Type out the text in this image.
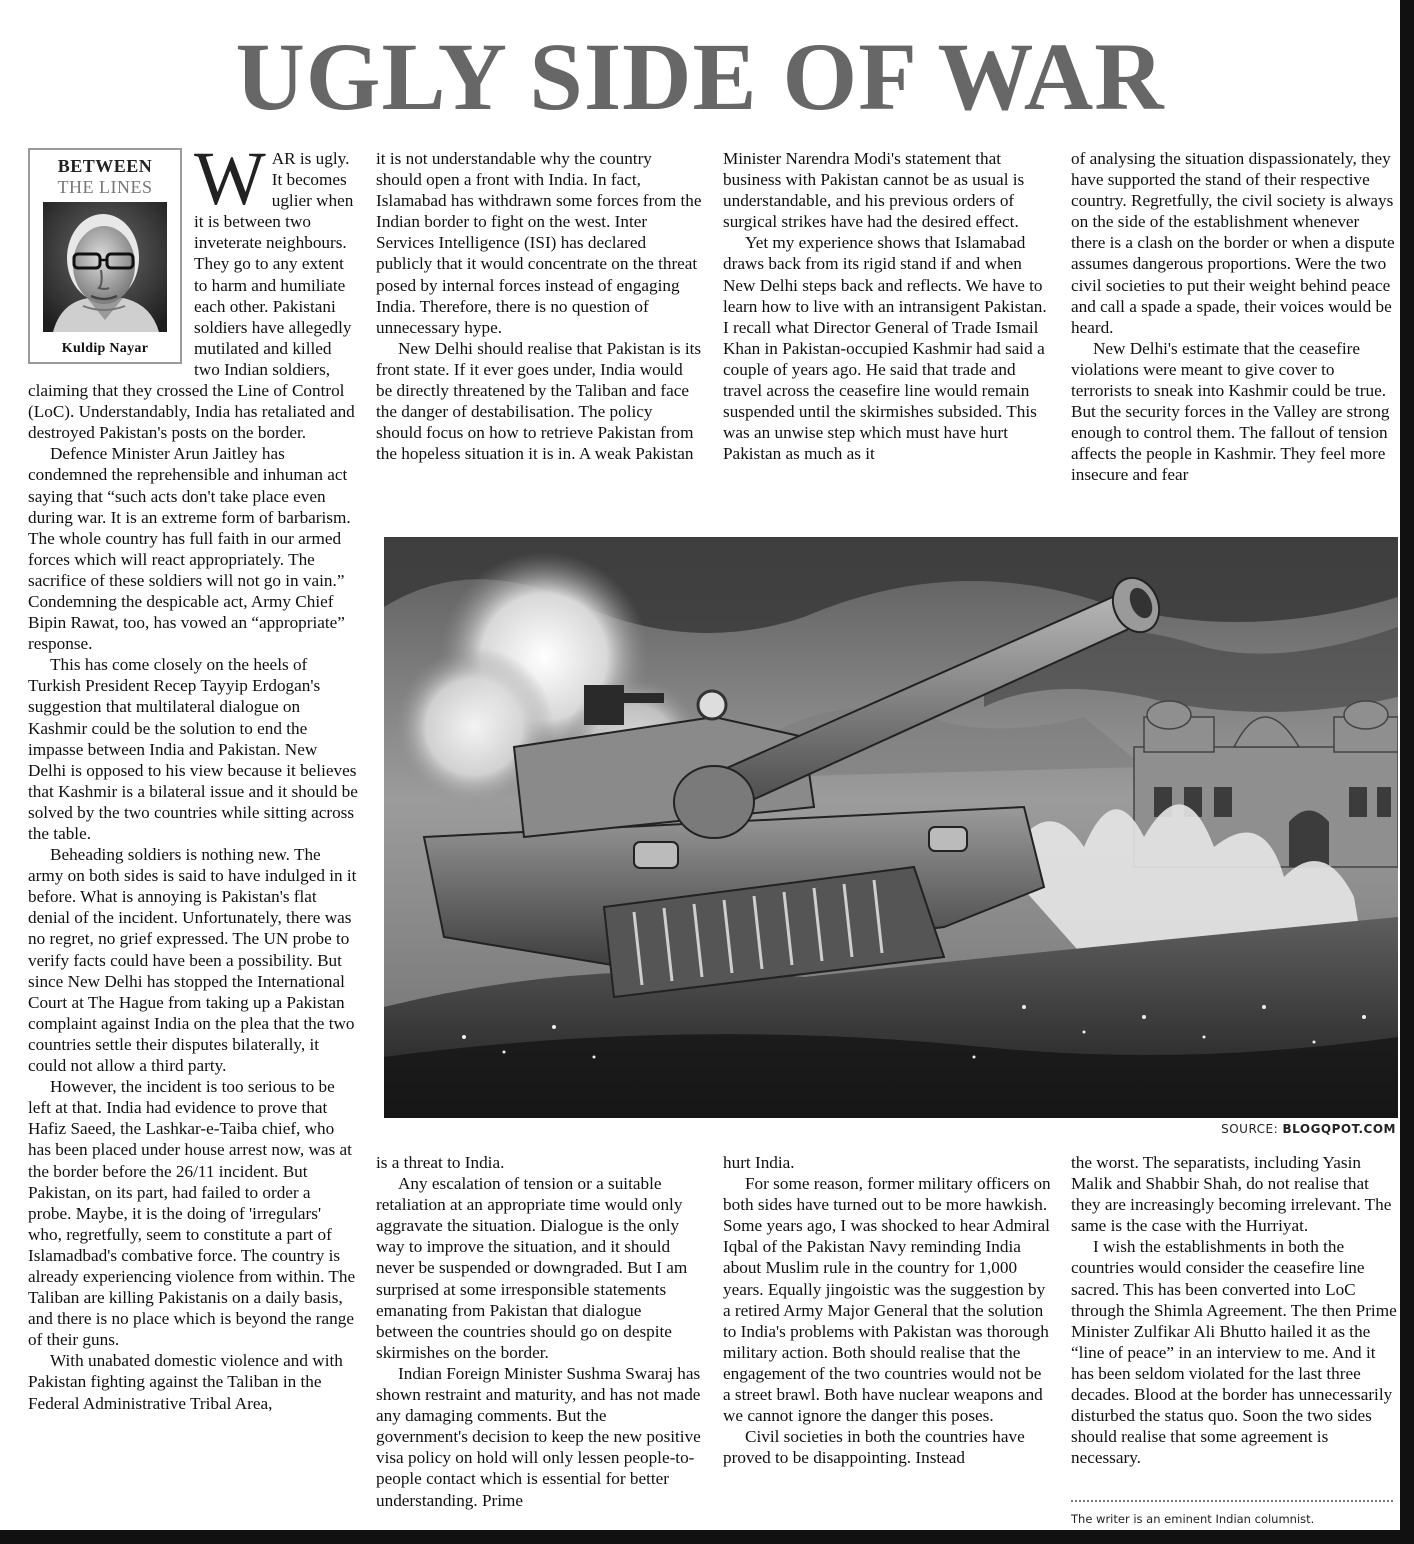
UGLY SIDE OF WAR
BETWEEN
THE LINES
Kuldip Nayar
W AR is ugly. It becomes uglier when it is between two inveterate neighbours. They go to any extent to harm and humiliate each other. Pakistani soldiers have allegedly mutilated and killed two Indian soldiers, claiming that they crossed the Line of Control (LoC). Understandably, India has retaliated and destroyed Pakistan's posts on the border.

Defence Minister Arun Jaitley has condemned the reprehensible and inhuman act saying that “such acts don't take place even during war. It is an extreme form of barbarism. The whole country has full faith in our armed forces which will react appropriately. The sacrifice of these soldiers will not go in vain.” Condemning the despicable act, Army Chief Bipin Rawat, too, has vowed an “appropriate” response.

This has come closely on the heels of Turkish President Recep Tayyip Erdogan's suggestion that multilateral dialogue on Kashmir could be the solution to end the impasse between India and Pakistan. New Delhi is opposed to his view because it believes that Kashmir is a bilateral issue and it should be solved by the two countries while sitting across the table.

Beheading soldiers is nothing new. The army on both sides is said to have indulged in it before. What is annoying is Pakistan's flat denial of the incident. Unfortunately, there was no regret, no grief expressed. The UN probe to verify facts could have been a possibility. But since New Delhi has stopped the International Court at The Hague from taking up a Pakistan complaint against India on the plea that the two countries settle their disputes bilaterally, it could not allow a third party.

However, the incident is too serious to be left at that. India had evidence to prove that Hafiz Saeed, the Lashkar-e-Taiba chief, who has been placed under house arrest now, was at the border before the 26/11 incident. But Pakistan, on its part, had failed to order a probe. Maybe, it is the doing of 'irregulars' who, regretfully, seem to constitute a part of Islamadbad's combative force. The country is already experiencing violence from within. The Taliban are killing Pakistanis on a daily basis, and there is no place which is beyond the range of their guns.

With unabated domestic violence and with Pakistan fighting against the Taliban in the Federal Administrative Tribal Area,

it is not understandable why the country should open a front with India. In fact, Islamabad has withdrawn some forces from the Indian border to fight on the west. Inter Services Intelligence (ISI) has declared publicly that it would concentrate on the threat posed by internal forces instead of engaging India. Therefore, there is no question of unnecessary hype.

New Delhi should realise that Pakistan is its front state. If it ever goes under, India would be directly threatened by the Taliban and face the danger of destabilisation. The policy should focus on how to retrieve Pakistan from the hopeless situation it is in. A weak Pakistan

Minister Narendra Modi's statement that business with Pakistan cannot be as usual is understandable, and his previous orders of surgical strikes have had the desired effect.

Yet my experience shows that Islamabad draws back from its rigid stand if and when New Delhi steps back and reflects. We have to learn how to live with an intransigent Pakistan. I recall what Director General of Trade Ismail Khan in Pakistan-occupied Kashmir had said a couple of years ago. He said that trade and travel across the ceasefire line would remain suspended until the skirmishes subsided. This was an unwise step which must have hurt Pakistan as much as it

of analysing the situation dispassionately, they have supported the stand of their respective country. Regretfully, the civil society is always on the side of the establishment whenever there is a clash on the border or when a dispute assumes dangerous proportions. Were the two civil societies to put their weight behind peace and call a spade a spade, their voices would be heard.

New Delhi's estimate that the ceasefire violations were meant to give cover to terrorists to sneak into Kashmir could be true. But the security forces in the Valley are strong enough to control them. The fallout of tension affects the people in Kashmir. They feel more insecure and fear

SOURCE: BLOGQPOT.COM

is a threat to India.

Any escalation of tension or a suitable retaliation at an appropriate time would only aggravate the situation. Dialogue is the only way to improve the situation, and it should never be suspended or downgraded. But I am surprised at some irresponsible statements emanating from Pakistan that dialogue between the countries should go on despite skirmishes on the border.

Indian Foreign Minister Sushma Swaraj has shown restraint and maturity, and has not made any damaging comments. But the government's decision to keep the new positive visa policy on hold will only lessen people-to-people contact which is essential for better understanding. Prime

hurt India.

For some reason, former military officers on both sides have turned out to be more hawkish. Some years ago, I was shocked to hear Admiral Iqbal of the Pakistan Navy reminding India about Muslim rule in the country for 1,000 years. Equally jingoistic was the suggestion by a retired Army Major General that the solution to India's problems with Pakistan was thorough military action. Both should realise that the engagement of the two countries would not be a street brawl. Both have nuclear weapons and we cannot ignore the danger this poses.

Civil societies in both the countries have proved to be disappointing. Instead

the worst. The separatists, including Yasin Malik and Shabbir Shah, do not realise that they are increasingly becoming irrelevant. The same is the case with the Hurriyat.

I wish the establishments in both the countries would consider the ceasefire line sacred. This has been converted into LoC through the Shimla Agreement. The then Prime Minister Zulfikar Ali Bhutto hailed it as the “line of peace” in an interview to me. And it has been seldom violated for the last three decades. Blood at the border has unnecessarily disturbed the status quo. Soon the two sides should realise that some agreement is necessary.

The writer is an eminent Indian columnist.
